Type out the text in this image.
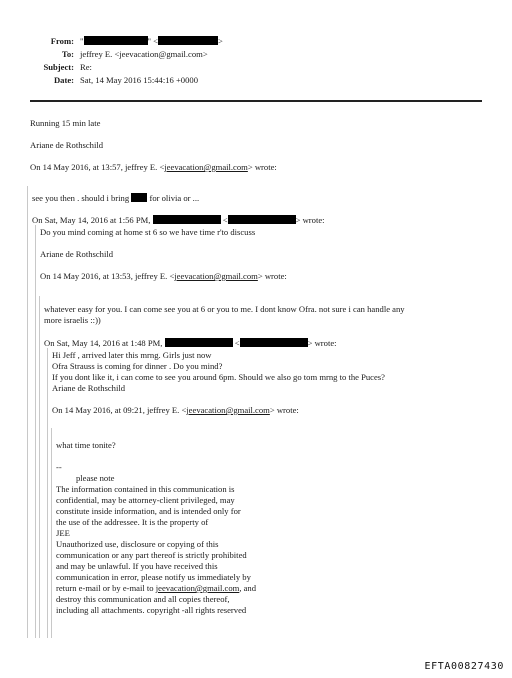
From: "	" <	>
To: jeffrey E. <jeevacation@gmail.com>
Subject: Re:
Date: Sat, 14 May 2016 15:44:16 +0000
Running 15 min late
Ariane de Rothschild
On 14 May 2016, at 13:57, jeffrey E. <jeevacation@gmail.com> wrote:
see you then . should i bring for olivia or ...
On Sat, May 14, 2016 at 1:56 PM,	<	> wrote:
Do you mind coming at home st 6 so we have time r'to discuss
Ariane de Rothschild
On 14 May 2016, at 13:53, jeffrey E. <jeevacation@gmail.com> wrote:
whatever easy for you. I can come see you at 6 or you to me. I dont know Ofra. not sure i can handle any
more israelis ::))
On Sat, May 14, 2016 at 1:48 PM,	<	> wrote:
Hi Jeff , arrived later this mrng. Girls just now
Ofra Strauss is coming for dinner . Do you mind?
If you dont like it, i can come to see you around 6pm. Should we also go tom mrng to the Puces?
Ariane de Rothschild
On 14 May 2016, at 09:21, jeffrey E. <jeevacation@gmail.com> wrote:
what time tonite?
--
please note
The information contained in this communication is
confidential, may be attorney-client privileged, may
constitute inside information, and is intended only for
the use of the addressee. It is the property of
JEE
Unauthorized use, disclosure or copying of this
communication or any part thereof is strictly prohibited
and may be unlawful. If you have received this
communication in error, please notify us immediately by
return e-mail or by e-mail to jeevacation@gmail.com, and
destroy this communication and all copies thereof,
including all attachments. copyright -all rights reserved
EFTA00827430
